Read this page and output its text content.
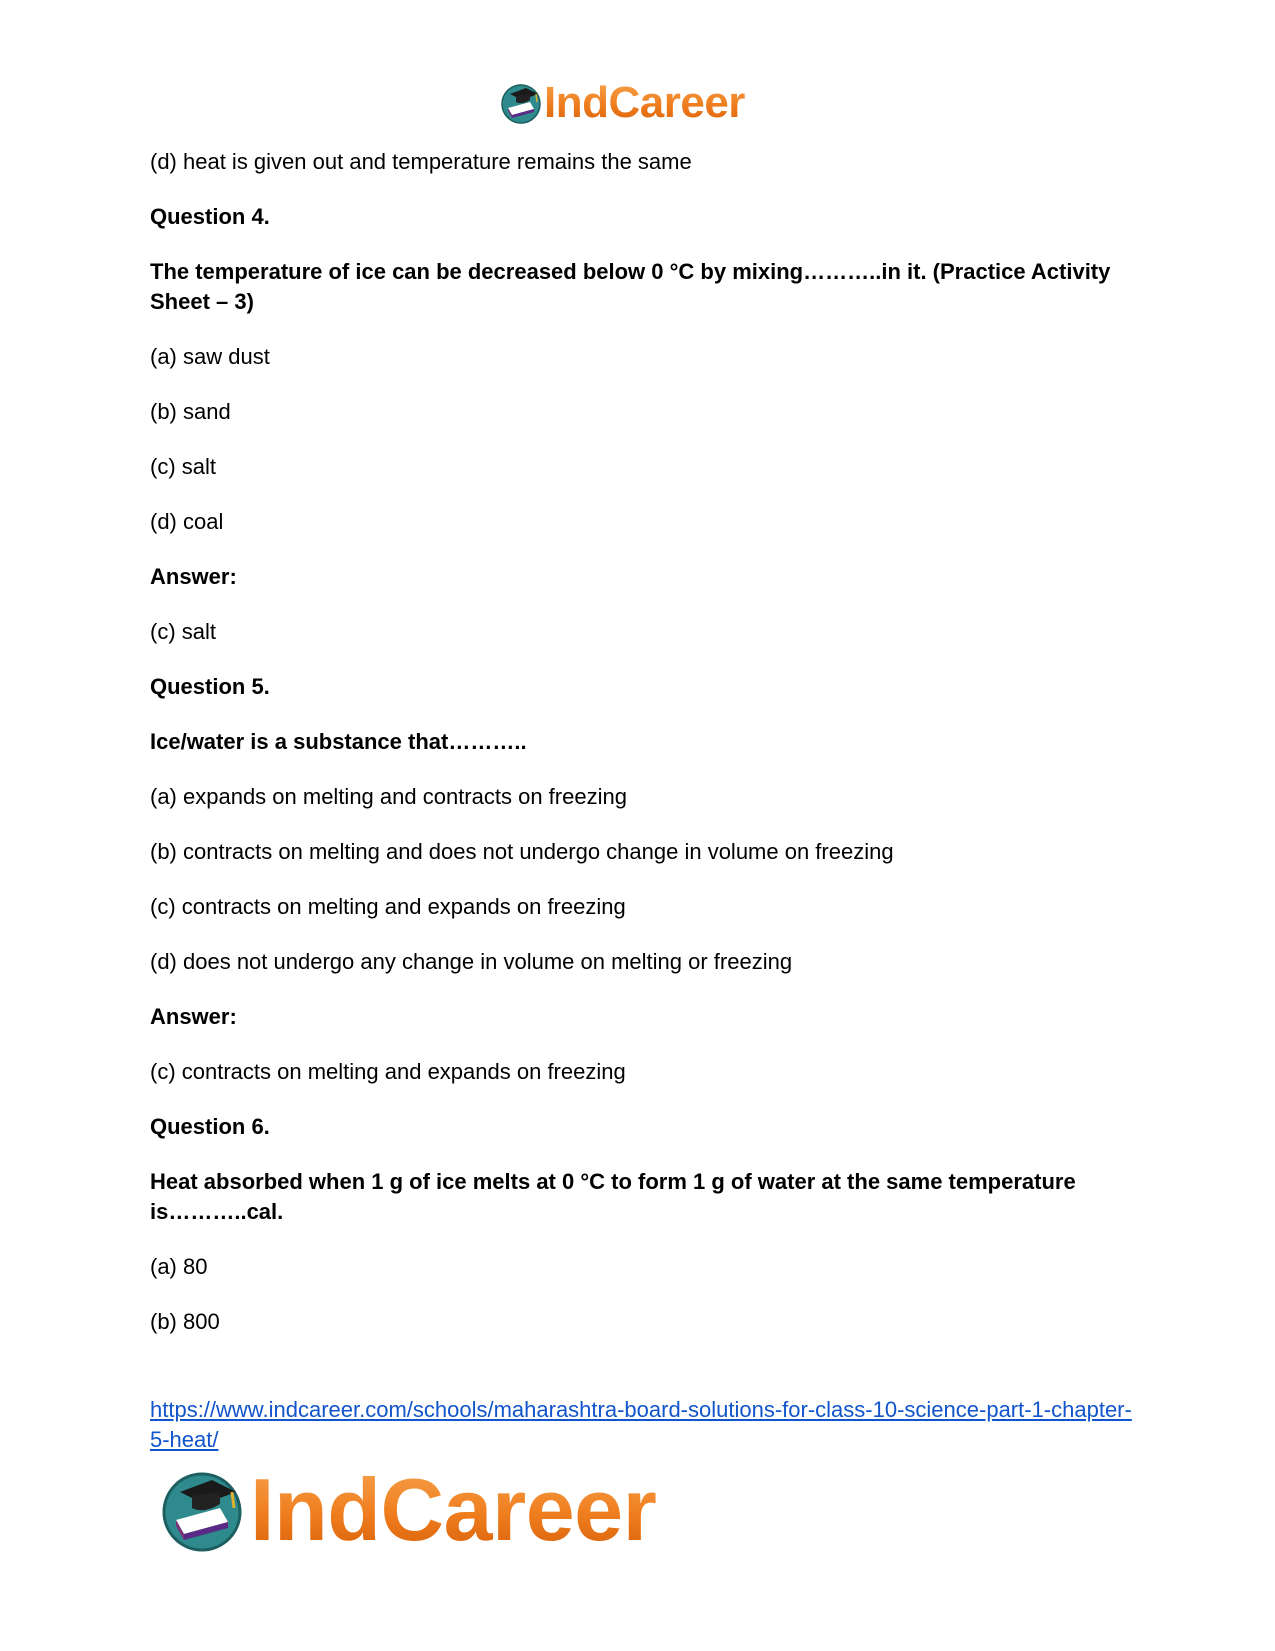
IndCareer
(d) heat is given out and temperature remains the same
Question 4.
The temperature of ice can be decreased below 0 °C by mixing………..in it. (Practice Activity Sheet – 3)
(a) saw dust
(b) sand
(c) salt
(d) coal
Answer:
(c) salt
Question 5.
Ice/water is a substance that………..
(a) expands on melting and contracts on freezing
(b) contracts on melting and does not undergo change in volume on freezing
(c) contracts on melting and expands on freezing
(d) does not undergo any change in volume on melting or freezing
Answer:
(c) contracts on melting and expands on freezing
Question 6.
Heat absorbed when 1 g of ice melts at 0 °C to form 1 g of water at the same temperature is………..cal.
(a) 80
(b) 800
https://www.indcareer.com/schools/maharashtra-board-solutions-for-class-10-science-part-1-chapter-5-heat/
IndCareer
